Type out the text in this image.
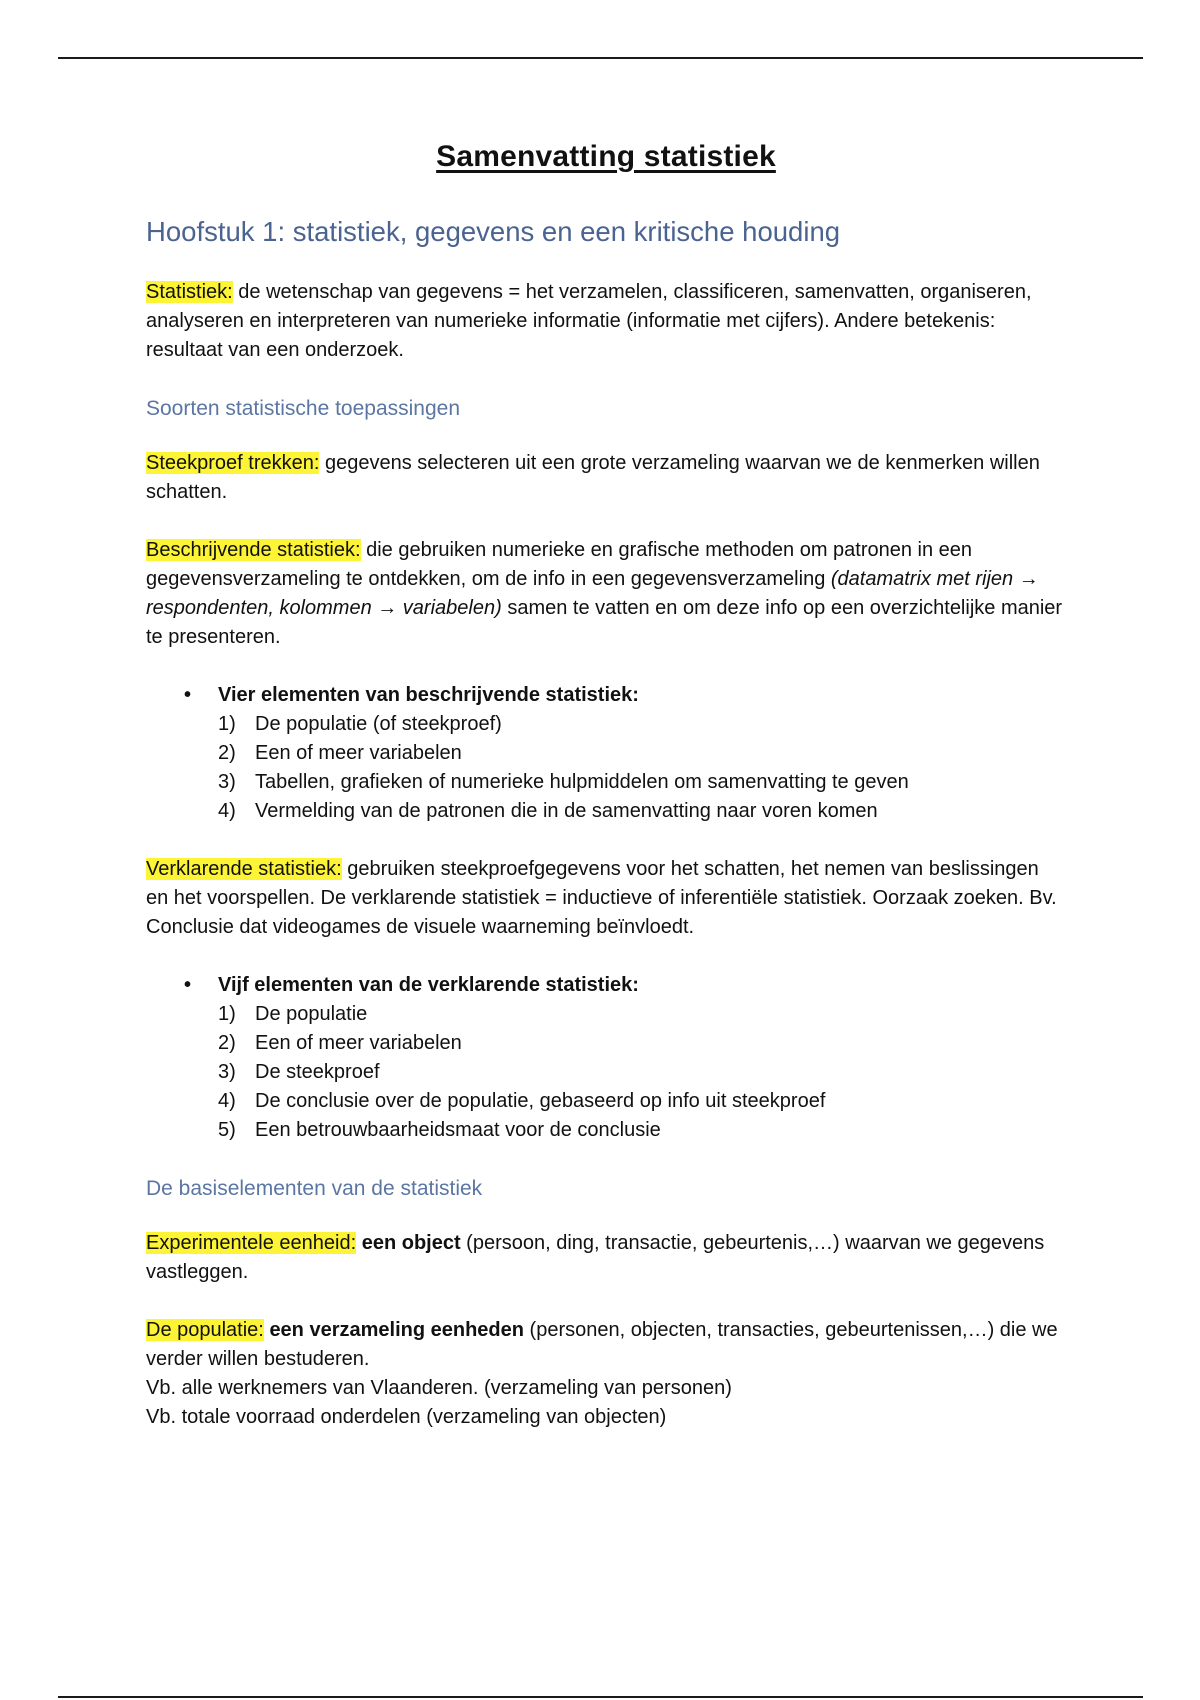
Samenvatting statistiek
Hoofstuk 1: statistiek, gegevens en een kritische houding

Statistiek: de wetenschap van gegevens = het verzamelen, classificeren, samenvatten, organiseren, analyseren en interpreteren van numerieke informatie (informatie met cijfers). Andere betekenis: resultaat van een onderzoek.

Soorten statistische toepassingen

Steekproef trekken: gegevens selecteren uit een grote verzameling waarvan we de kenmerken willen schatten.

Beschrijvende statistiek: die gebruiken numerieke en grafische methoden om patronen in een gegevensverzameling te ontdekken, om de info in een gegevensverzameling (datamatrix met rijen → respondenten, kolommen → variabelen) samen te vatten en om deze info op een overzichtelijke manier te presenteren.

• Vier elementen van beschrijvende statistiek:
1) De populatie (of steekproef)
2) Een of meer variabelen
3) Tabellen, grafieken of numerieke hulpmiddelen om samenvatting te geven
4) Vermelding van de patronen die in de samenvatting naar voren komen

Verklarende statistiek: gebruiken steekproefgegevens voor het schatten, het nemen van beslissingen en het voorspellen. De verklarende statistiek = inductieve of inferentiële statistiek. Oorzaak zoeken. Bv. Conclusie dat videogames de visuele waarneming beïnvloedt.

• Vijf elementen van de verklarende statistiek:
1) De populatie
2) Een of meer variabelen
3) De steekproef
4) De conclusie over de populatie, gebaseerd op info uit steekproef
5) Een betrouwbaarheidsmaat voor de conclusie
De basiselementen van de statistiek

Experimentele eenheid: een object (persoon, ding, transactie, gebeurtenis,…) waarvan we gegevens vastleggen.

De populatie: een verzameling eenheden (personen, objecten, transacties, gebeurtenissen,…) die we verder willen bestuderen.

Vb. alle werknemers van Vlaanderen. (verzameling van personen)

Vb. totale voorraad onderdelen (verzameling van objecten)
